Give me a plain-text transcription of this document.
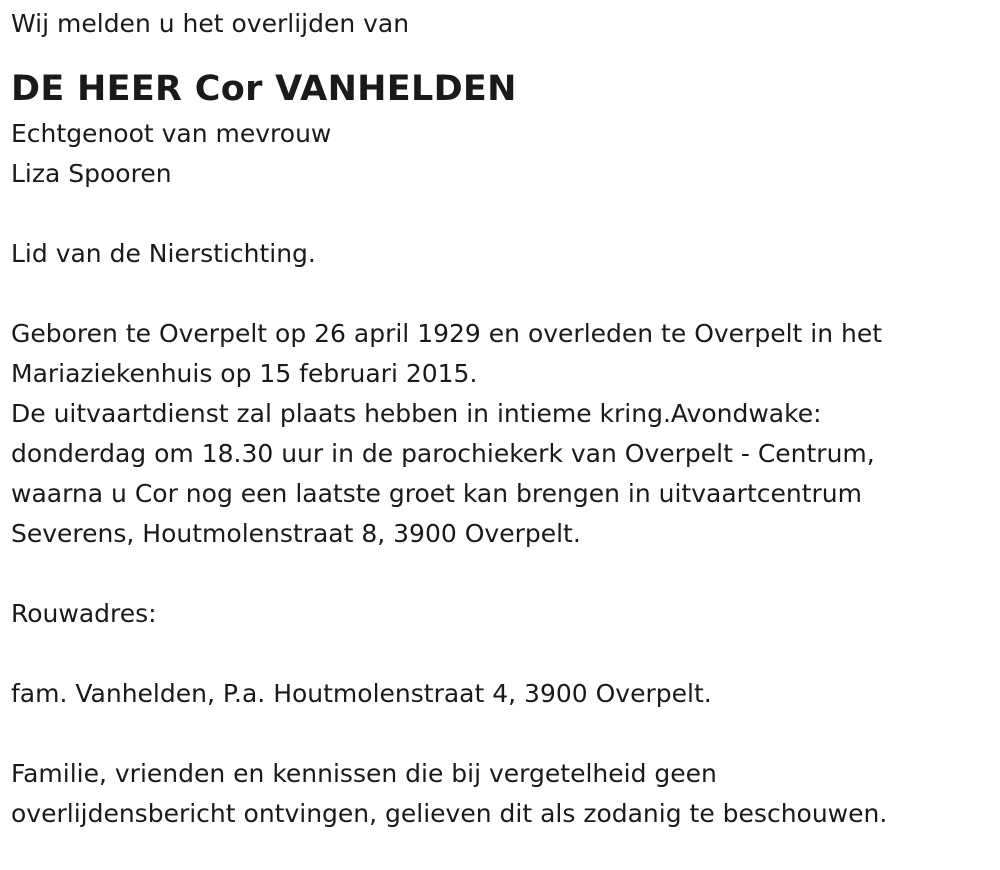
Wij melden u het overlijden van
DE HEER Cor VANHELDEN
Echtgenoot van mevrouw
Liza Spooren
Lid van de Nierstichting.
Geboren te Overpelt op 26 april 1929 en overleden te Overpelt in het
Mariaziekenhuis op 15 februari 2015.
De uitvaartdienst zal plaats hebben in intieme kring.Avondwake:
donderdag om 18.30 uur in de parochiekerk van Overpelt - Centrum,
waarna u Cor nog een laatste groet kan brengen in uitvaartcentrum
Severens, Houtmolenstraat 8, 3900 Overpelt.
Rouwadres:
fam. Vanhelden, P.a. Houtmolenstraat 4, 3900 Overpelt.
Familie, vrienden en kennissen die bij vergetelheid geen
overlijdensbericht ontvingen, gelieven dit als zodanig te beschouwen.
